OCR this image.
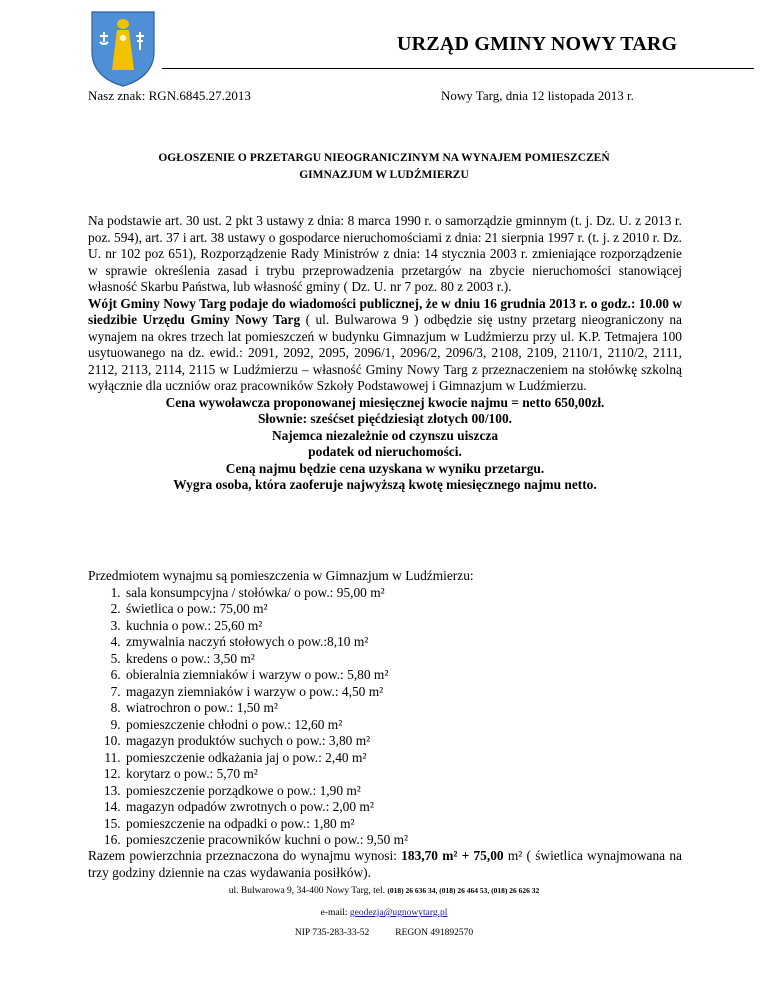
URZĄD GMINY NOWY TARG
Nasz znak: RGN.6845.27.2013	Nowy Targ, dnia 12 listopada 2013 r.
OGŁOSZENIE O PRZETARGU NIEOGRANICZINYM NA WYNAJEM POMIESZCZEŃ
GIMNAZJUM W LUDŹMIERZU

Na podstawie art. 30 ust. 2 pkt 3 ustawy z dnia: 8 marca 1990 r. o samorządzie gminnym (t. j. Dz. U. z 2013 r. poz. 594), art. 37 i art. 38 ustawy o gospodarce nieruchomościami z dnia: 21 sierpnia 1997 r. (t. j. z 2010 r. Dz. U. nr 102 poz 651), Rozporządzenie Rady Ministrów z dnia: 14 stycznia 2003 r. zmieniające rozporządzenie w sprawie określenia zasad i trybu przeprowadzenia przetargów na zbycie nieruchomości stanowiącej własność Skarbu Państwa, lub własność gminy ( Dz. U. nr 7 poz. 80 z 2003 r.).

Wójt Gminy Nowy Targ podaje do wiadomości publicznej, że w dniu 16 grudnia 2013 r. o godz.: 10.00 w siedzibie Urzędu Gminy Nowy Targ ( ul. Bulwarowa 9 ) odbędzie się ustny przetarg nieograniczony na wynajem na okres trzech lat pomieszczeń w budynku Gimnazjum w Ludźmierzu przy ul. K.P. Tetmajera 100 usytuowanego na dz. ewid.: 2091, 2092, 2095, 2096/1, 2096/2, 2096/3, 2108, 2109, 2110/1, 2110/2, 2111, 2112, 2113, 2114, 2115 w Ludźmierzu – własność Gminy Nowy Targ z przeznaczeniem na stołówkę szkolną wyłącznie dla uczniów oraz pracowników Szkoły Podstawowej i Gimnazjum w Ludźmierzu.

Cena wywoławcza proponowanej miesięcznej kwocie najmu = netto 650,00zł.
Słownie: sześćset pięćdziesiąt złotych 00/100.
Najemca niezależnie od czynszu uiszcza
podatek od nieruchomości.
Ceną najmu będzie cena uzyskana w wyniku przetargu.
Wygra osoba, która zaoferuje najwyższą kwotę miesięcznego najmu netto.

Przedmiotem wynajmu są pomieszczenia w Gimnazjum w Ludźmierzu:

1. sala konsumpcyjna / stołówka/ o pow.: 95,00 m²
2. świetlica o pow.: 75,00 m²
3. kuchnia o pow.: 25,60 m²
4. zmywalnia naczyń stołowych o pow.:8,10 m²
5. kredens o pow.: 3,50 m²
6. obieralnia ziemniaków i warzyw o pow.: 5,80 m²
7. magazyn ziemniaków i warzyw o pow.: 4,50 m²
8. wiatrochron o pow.: 1,50 m²
9. pomieszczenie chłodni o pow.: 12,60 m²
10. magazyn produktów suchych o pow.: 3,80 m²
11. pomieszczenie odkażania jaj o pow.: 2,40 m²
12. korytarz o pow.: 5,70 m²
13. pomieszczenie porządkowe o pow.: 1,90 m²
14. magazyn odpadów zwrotnych o pow.: 2,00 m²
15. pomieszczenie na odpadki o pow.: 1,80 m²
16. pomieszczenie pracowników kuchni o pow.: 9,50 m²

Razem powierzchnia przeznaczona do wynajmu wynosi: 183,70 m² + 75,00 m² ( świetlica wynajmowana na trzy godziny dziennie na czas wydawania posiłków).

ul. Bulwarowa 9, 34-400 Nowy Targ, tel. (018) 26 636 34, (018) 26 464 53, (018) 26 626 32
e-mail: geodezja@ugnowytarg.pl
NIP 735-283-33-52	REGON 491892570
